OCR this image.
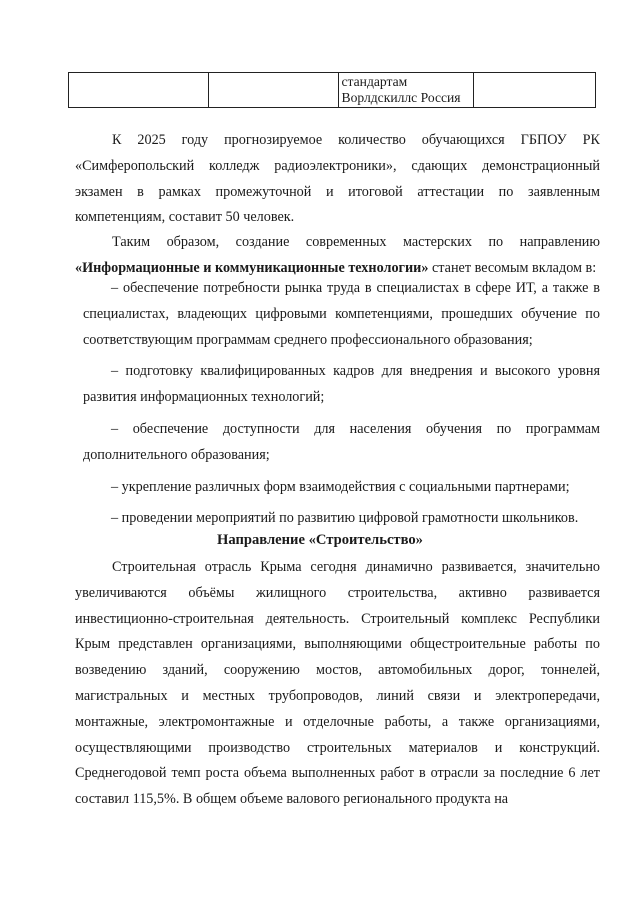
		стандартам Ворлдскиллс Россия	
К 2025 году прогнозируемое количество обучающихся ГБПОУ РК «Симферопольский колледж радиоэлектроники», сдающих демонстрационный экзамен в рамках промежуточной и итоговой аттестации по заявленным компетенциям, составит 50 человек.
Таким образом, создание современных мастерских по направлению «Информационные и коммуникационные технологии» станет весомым вкладом в:
– обеспечение потребности рынка труда в специалистах в сфере ИТ, а также в специалистах, владеющих цифровыми компетенциями, прошедших обучение по соответствующим программам среднего профессионального образования;
– подготовку квалифицированных кадров для внедрения и высокого уровня развития информационных технологий;
– обеспечение доступности для населения обучения по программам дополнительного образования;
– укрепление различных форм взаимодействия с социальными партнерами;
– проведении мероприятий по развитию цифровой грамотности школьников.
Направление «Строительство»
Строительная отрасль Крыма сегодня динамично развивается, значительно увеличиваются объёмы жилищного строительства, активно развивается инвестиционно-строительная деятельность. Строительный комплекс Республики Крым представлен организациями, выполняющими общестроительные работы по возведению зданий, сооружению мостов, автомобильных дорог, тоннелей, магистральных и местных трубопроводов, линий связи и электропередачи, монтажные, электромонтажные и отделочные работы, а также организациями, осуществляющими производство строительных материалов и конструкций. Среднегодовой темп роста объема выполненных работ в отрасли за последние 6 лет составил 115,5%. В общем объеме валового регионального продукта на
